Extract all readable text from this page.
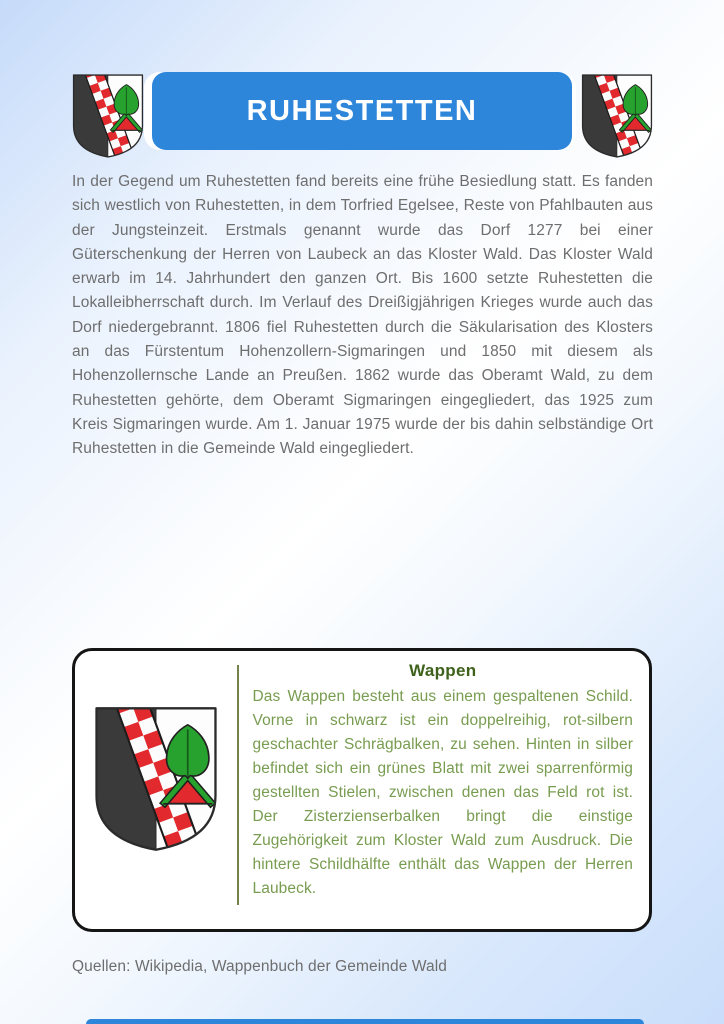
RUHESTETTEN

In der Gegend um Ruhestetten fand bereits eine frühe Besiedlung statt. Es fanden sich westlich von Ruhestetten, in dem Torfried Egelsee, Reste von Pfahlbauten aus der Jungsteinzeit. Erstmals genannt wurde das Dorf 1277 bei einer Güterschenkung der Herren von Laubeck an das Kloster Wald. Das Kloster Wald erwarb im 14. Jahrhundert den ganzen Ort. Bis 1600 setzte Ruhestetten die Lokalleibherrschaft durch. Im Verlauf des Dreißigjährigen Krieges wurde auch das Dorf niedergebrannt. 1806 fiel Ruhestetten durch die Säkularisation des Klosters an das Fürstentum Hohenzollern-Sigmaringen und 1850 mit diesem als Hohenzollernsche Lande an Preußen. 1862 wurde das Oberamt Wald, zu dem Ruhestetten gehörte, dem Oberamt Sigmaringen eingegliedert, das 1925 zum Kreis Sigmaringen wurde. Am 1. Januar 1975 wurde der bis dahin selbständige Ort Ruhestetten in die Gemeinde Wald eingegliedert.

Wappen

Das Wappen besteht aus einem gespaltenen Schild. Vorne in schwarz ist ein doppelreihig, rot-silbern geschachter Schrägbalken, zu sehen. Hinten in silber befindet sich ein grünes Blatt mit zwei sparrenförmig gestellten Stielen, zwischen denen das Feld rot ist. Der Zisterzienserbalken bringt die einstige Zugehörigkeit zum Kloster Wald zum Ausdruck. Die hintere Schildhälfte enthält das Wappen der Herren Laubeck.

Quellen: Wikipedia, Wappenbuch der Gemeinde Wald
